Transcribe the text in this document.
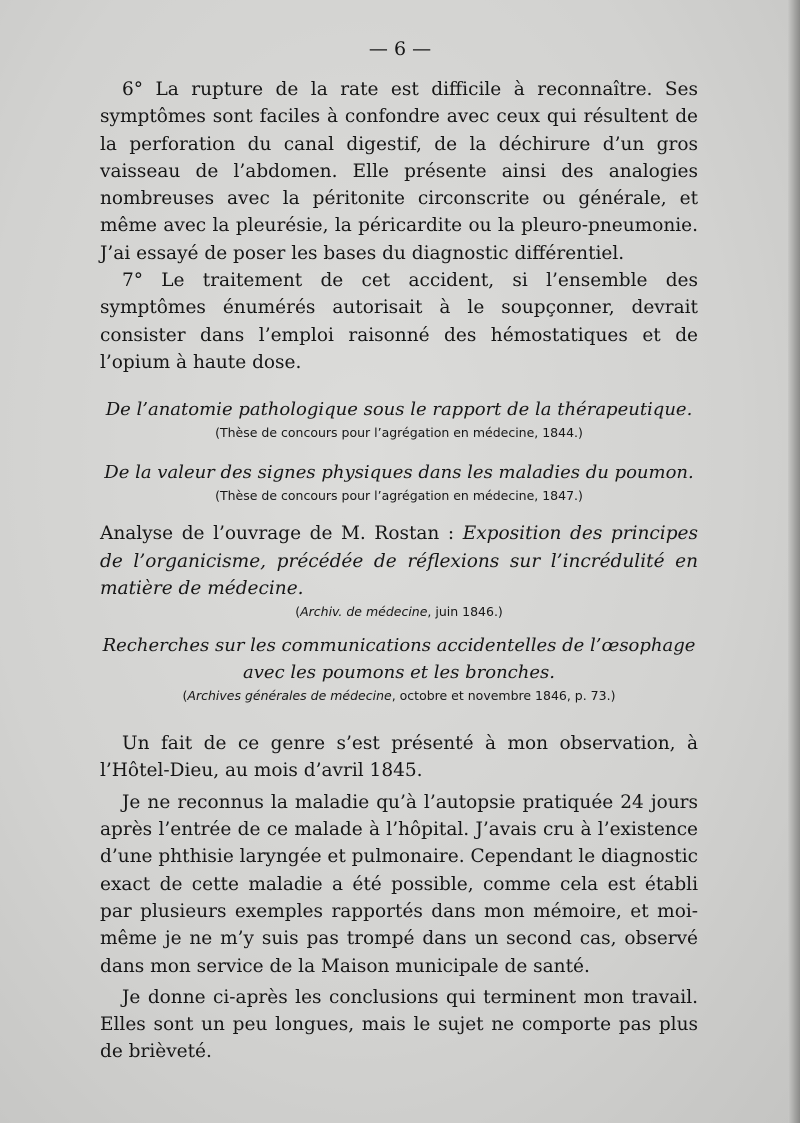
— 6 —

6° La rupture de la rate est difficile à reconnaître. Ses symptômes sont faciles à confondre avec ceux qui résultent de la perforation du canal digestif, de la déchirure d’un gros vaisseau de l’abdomen. Elle présente ainsi des analogies nombreuses avec la péritonite circonscrite ou générale, et même avec la pleurésie, la péricardite ou la pleuro-pneumonie. J’ai essayé de poser les bases du diagnostic différentiel.

7° Le traitement de cet accident, si l’ensemble des symptômes énumérés autorisait à le soupçonner, devrait consister dans l’emploi raisonné des hémostatiques et de l’opium à haute dose.

De l’anatomie pathologique sous le rapport de la thérapeutique.

(Thèse de concours pour l’agrégation en médecine, 1844.)

De la valeur des signes physiques dans les maladies du poumon.

(Thèse de concours pour l’agrégation en médecine, 1847.)

Analyse de l’ouvrage de M. Rostan : Exposition des principes de l’organicisme, précédée de réflexions sur l’incrédulité en matière de médecine.

(Archiv. de médecine, juin 1846.)

Recherches sur les communications accidentelles de l’œsophage

avec les poumons et les bronches.

(Archives générales de médecine, octobre et novembre 1846, p. 73.)

Un fait de ce genre s’est présenté à mon observation, à l’Hôtel-Dieu, au mois d’avril 1845.

Je ne reconnus la maladie qu’à l’autopsie pratiquée 24 jours après l’entrée de ce malade à l’hôpital. J’avais cru à l’existence d’une phthisie laryngée et pulmonaire. Cependant le diagnostic exact de cette maladie a été possible, comme cela est établi par plusieurs exemples rapportés dans mon mémoire, et moi-même je ne m’y suis pas trompé dans un second cas, observé dans mon service de la Maison municipale de santé.

Je donne ci-après les conclusions qui terminent mon travail. Elles sont un peu longues, mais le sujet ne comporte pas plus de brièveté.
